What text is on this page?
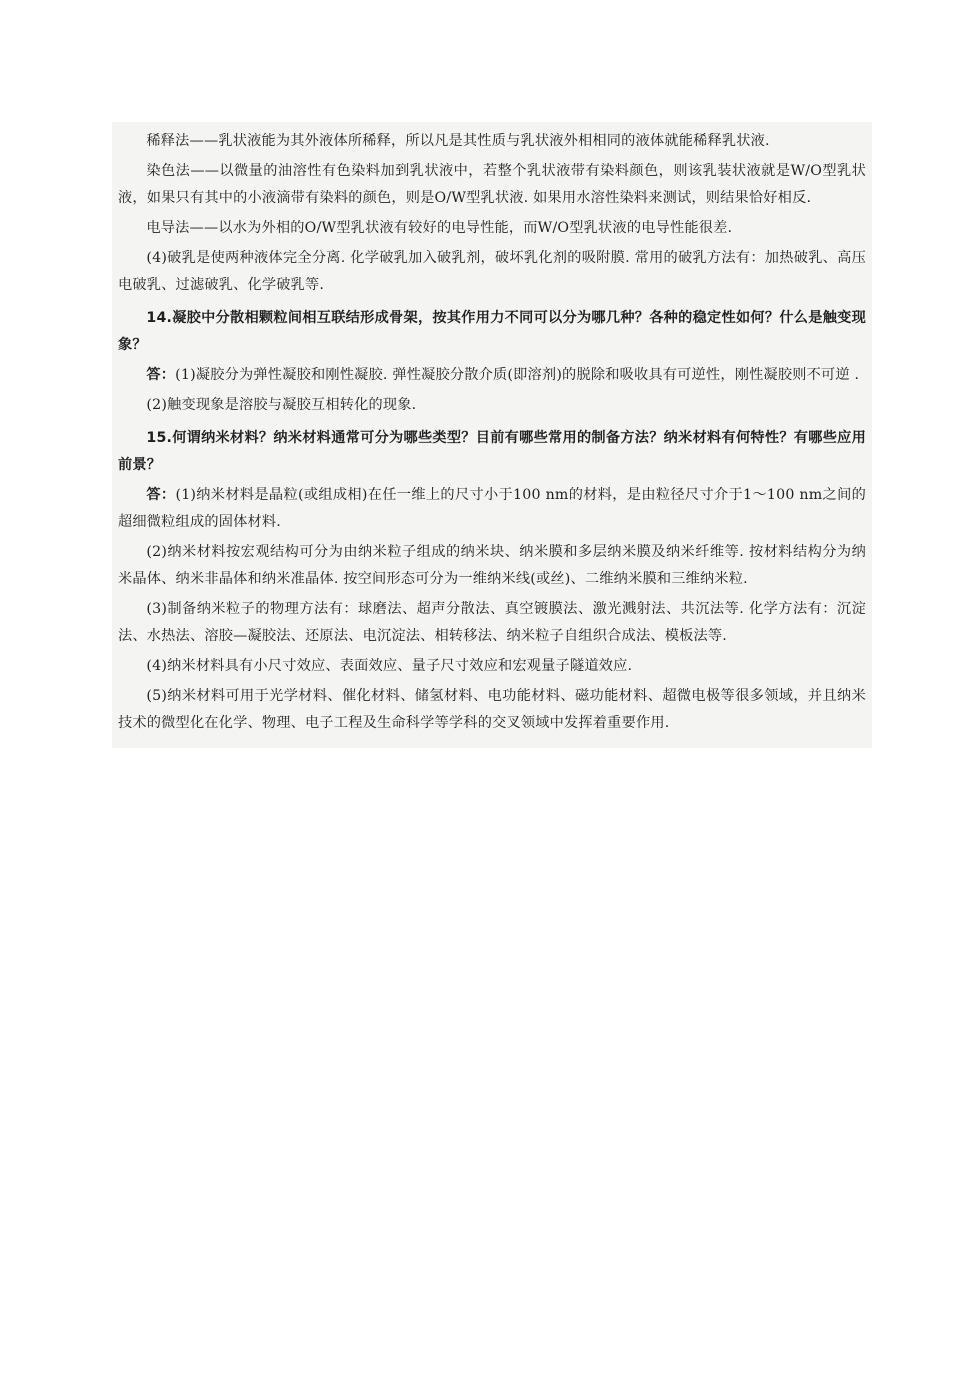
稀释法——乳状液能为其外液体所稀释，所以凡是其性质与乳状液外相相同的液体就能稀释乳状液.

染色法——以微量的油溶性有色染料加到乳状液中，若整个乳状液带有染料颜色，则该乳装状液就是W/O型乳状液，如果只有其中的小液滴带有染料的颜色，则是O/W型乳状液. 如果用水溶性染料来测试，则结果恰好相反.

电导法——以水为外相的O/W型乳状液有较好的电导性能，而W/O型乳状液的电导性能很差.

(4)破乳是使两种液体完全分离. 化学破乳加入破乳剂，破坏乳化剂的吸附膜. 常用的破乳方法有：加热破乳、高压电破乳、过滤破乳、化学破乳等.

14.凝胶中分散相颗粒间相互联结形成骨架，按其作用力不同可以分为哪几种？各种的稳定性如何？什么是触变现象？

答：(1)凝胶分为弹性凝胶和刚性凝胶. 弹性凝胶分散介质(即溶剂)的脱除和吸收具有可逆性，刚性凝胶则不可逆 .

(2)触变现象是溶胶与凝胶互相转化的现象.

15.何谓纳米材料？纳米材料通常可分为哪些类型？目前有哪些常用的制备方法？纳米材料有何特性？有哪些应用前景？

答：(1)纳米材料是晶粒(或组成相)在任一维上的尺寸小于100 nm的材料，是由粒径尺寸介于1～100 nm之间的超细微粒组成的固体材料.

(2)纳米材料按宏观结构可分为由纳米粒子组成的纳米块、纳米膜和多层纳米膜及纳米纤维等. 按材料结构分为纳米晶体、纳米非晶体和纳米准晶体. 按空间形态可分为一维纳米线(或丝)、二维纳米膜和三维纳米粒.

(3)制备纳米粒子的物理方法有：球磨法、超声分散法、真空镀膜法、激光溅射法、共沉法等. 化学方法有：沉淀法、水热法、溶胶—凝胶法、还原法、电沉淀法、相转移法、纳米粒子自组织合成法、模板法等.

(4)纳米材料具有小尺寸效应、表面效应、量子尺寸效应和宏观量子隧道效应.

(5)纳米材料可用于光学材料、催化材料、储氢材料、电功能材料、磁功能材料、超微电极等很多领域，并且纳米技术的微型化在化学、物理、电子工程及生命科学等学科的交叉领域中发挥着重要作用.
